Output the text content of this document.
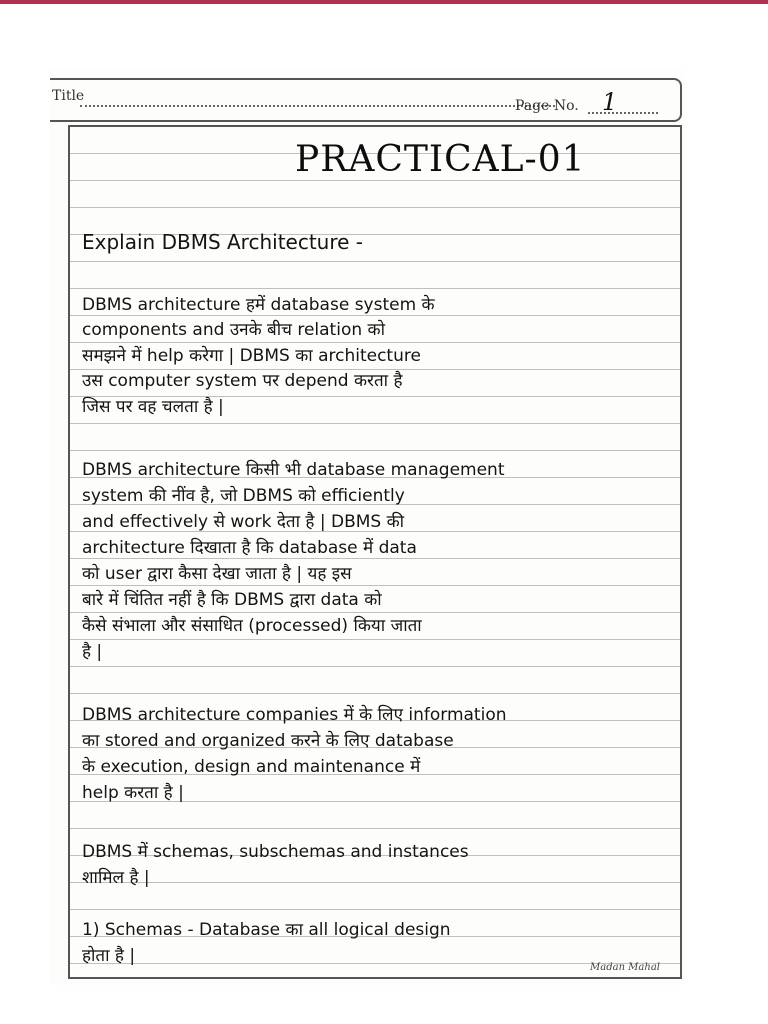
Title
Page No. 1
PRACTICAL-01
Explain DBMS Architecture -
DBMS architecture हमें database system के
components and उनके बीच relation को
समझने में help करेगा | DBMS का architecture
उस computer system पर depend करता है
जिस पर वह चलता है |
DBMS architecture किसी भी database management
system की नींव है, जो DBMS को efficiently
and effectively से work देता है | DBMS की
architecture दिखाता है कि database में data
को user द्वारा कैसा देखा जाता है | यह इस
बारे में चिंतित नहीं है कि DBMS द्वारा data को
कैसे संभाला और संसाधित (processed) किया जाता
है |
DBMS architecture companies में के लिए information
का stored and organized करने के लिए database
के execution, design and maintenance में
help करता है |
DBMS में schemas, subschemas and instances
शामिल है |
1) Schemas - Database का all logical design
होता है |
Madan Mahal
